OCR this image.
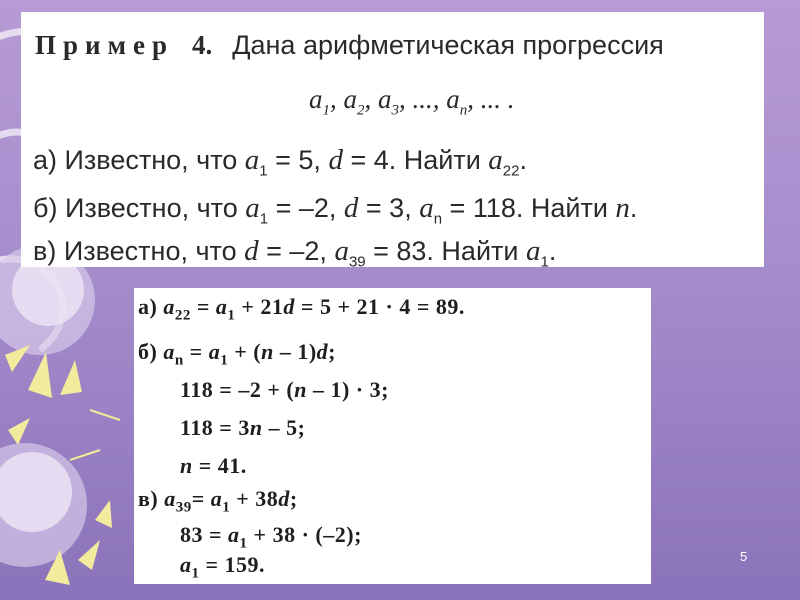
Пример 4. Дана арифметическая прогрессия
$a_1$, $a_2$, $a_3$, ..., $a_n$, ... .
а) Известно, что $a_1 = 5$, d = 4. Найти $a_{22}$.
б) Известно, что $a_1 = -2$, d = 3, $a_n = 118$. Найти n.
в) Известно, что d = –2, $a_{39} = 83$. Найти $a_1$.
а) $a_{22} = a_1 + 21d = 5 + 21 \cdot 4 = 89$.
б) $a_n = a_1 + (n - 1)d$;
118 = –2 + (n – 1) · 3;
118 = 3n – 5;
n = 41.
в) $a_{39}= a_1 + 38d$;
$83 = a_1 + 38 \cdot (-2)$;
$a_1 = 159$.	5
